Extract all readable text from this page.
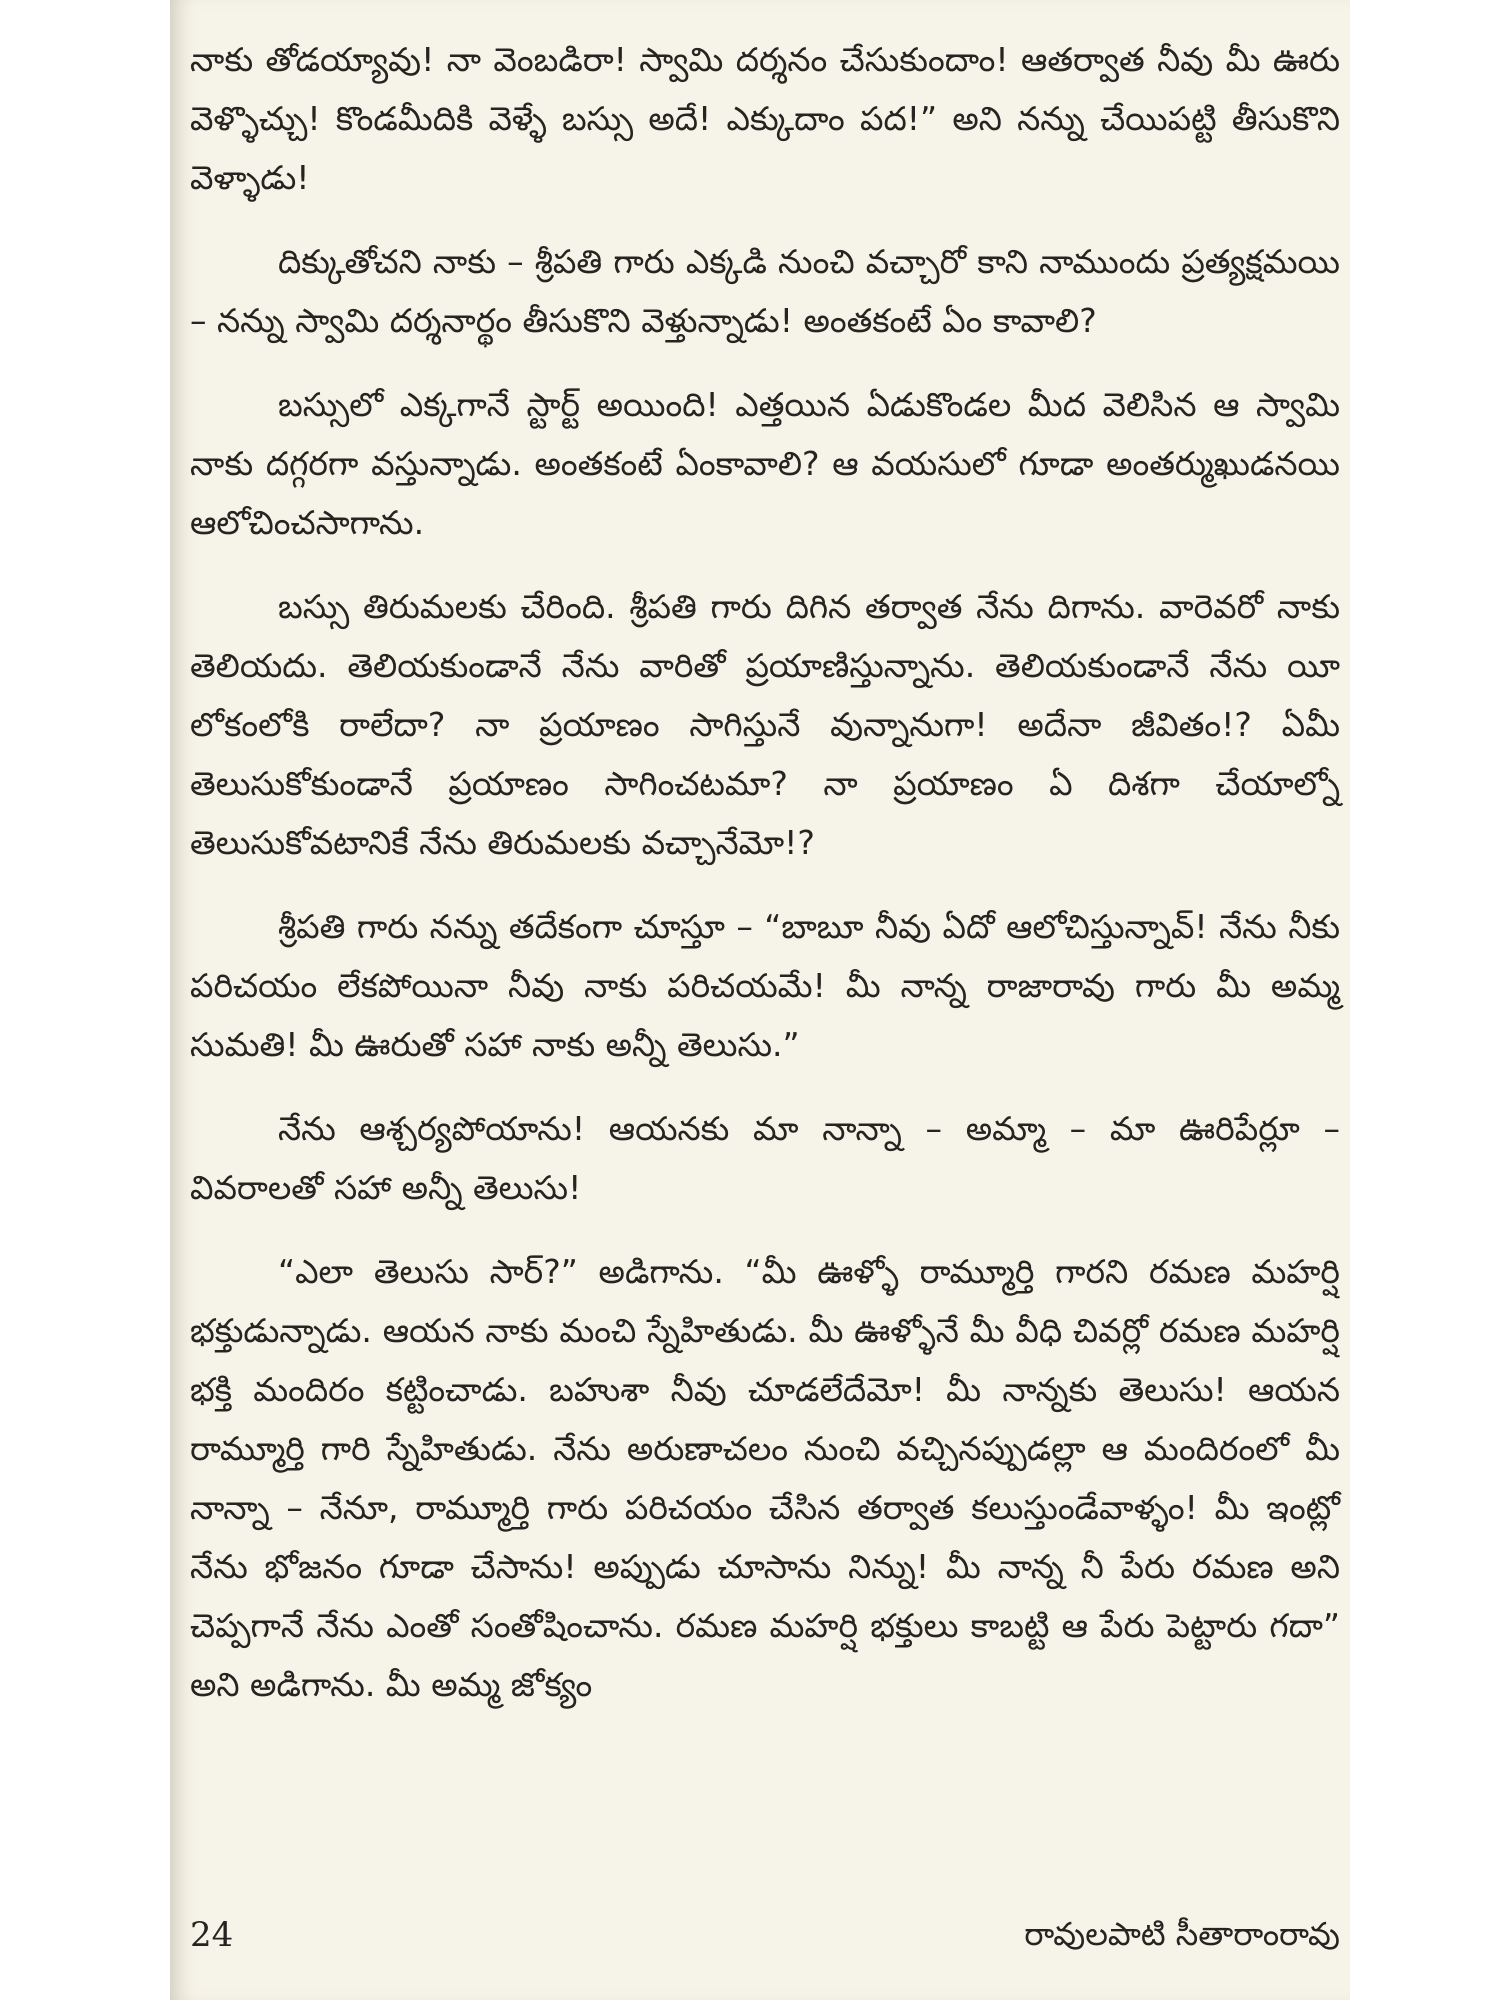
నాకు తోడయ్యావు! నా వెంబడిరా! స్వామి దర్శనం చేసుకుందాం! ఆతర్వాత నీవు మీ ఊరు వెళ్ళొచ్చు! కొండమీదికి వెళ్ళే బస్సు అదే! ఎక్కుదాం పద!” అని నన్ను చేయిపట్టి తీసుకొని వెళ్ళాడు!

దిక్కుతోచని నాకు – శ్రీపతి గారు ఎక్కడి నుంచి వచ్చారో కాని నాముందు ప్రత్యక్షమయి – నన్ను స్వామి దర్శనార్థం తీసుకొని వెళ్తున్నాడు! అంతకంటే ఏం కావాలి?

బస్సులో ఎక్కగానే స్టార్ట్ అయింది! ఎత్తయిన ఏడుకొండల మీద వెలిసిన ఆ స్వామి నాకు దగ్గరగా వస్తున్నాడు. అంతకంటే ఏంకావాలి? ఆ వయసులో గూడా అంతర్ముఖుడనయి ఆలోచించసాగాను.

బస్సు తిరుమలకు చేరింది. శ్రీపతి గారు దిగిన తర్వాత నేను దిగాను. వారెవరో నాకు తెలియదు. తెలియకుండానే నేను వారితో ప్రయాణిస్తున్నాను. తెలియకుండానే నేను యీ లోకంలోకి రాలేదా? నా ప్రయాణం సాగిస్తునే వున్నానుగా! అదేనా జీవితం!? ఏమీ తెలుసుకోకుండానే ప్రయాణం సాగించటమా? నా ప్రయాణం ఏ దిశగా చేయాల్నో తెలుసుకోవటానికే నేను తిరుమలకు వచ్చానేమో!?

శ్రీపతి గారు నన్ను తదేకంగా చూస్తూ – “బాబూ నీవు ఏదో ఆలోచిస్తున్నావ్! నేను నీకు పరిచయం లేకపోయినా నీవు నాకు పరిచయమే! మీ నాన్న రాజారావు గారు మీ అమ్మ సుమతి! మీ ఊరుతో సహా నాకు అన్నీ తెలుసు.”

నేను ఆశ్చర్యపోయాను! ఆయనకు మా నాన్నా – అమ్మా – మా ఊరిపేర్లూ – వివరాలతో సహా అన్నీ తెలుసు!

“ఎలా తెలుసు సార్?” అడిగాను. “మీ ఊళ్ళో రామ్మూర్తి గారని రమణ మహర్షి భక్తుడున్నాడు. ఆయన నాకు మంచి స్నేహితుడు. మీ ఊళ్ళోనే మీ వీధి చివర్లో రమణ మహర్షి భక్తి మందిరం కట్టించాడు. బహుశా నీవు చూడలేదేమో! మీ నాన్నకు తెలుసు! ఆయన రామ్మూర్తి గారి స్నేహితుడు. నేను అరుణాచలం నుంచి వచ్చినప్పుడల్లా ఆ మందిరంలో మీ నాన్నా – నేనూ, రామ్మూర్తి గారు పరిచయం చేసిన తర్వాత కలుస్తుండేవాళ్ళం! మీ ఇంట్లో నేను భోజనం గూడా చేసాను! అప్పుడు చూసాను నిన్ను! మీ నాన్న నీ పేరు రమణ అని చెప్పగానే నేను ఎంతో సంతోషించాను. రమణ మహర్షి భక్తులు కాబట్టి ఆ పేరు పెట్టారు గదా” అని అడిగాను. మీ అమ్మ జోక్యం

24	రావులపాటి సీతారాంరావు
